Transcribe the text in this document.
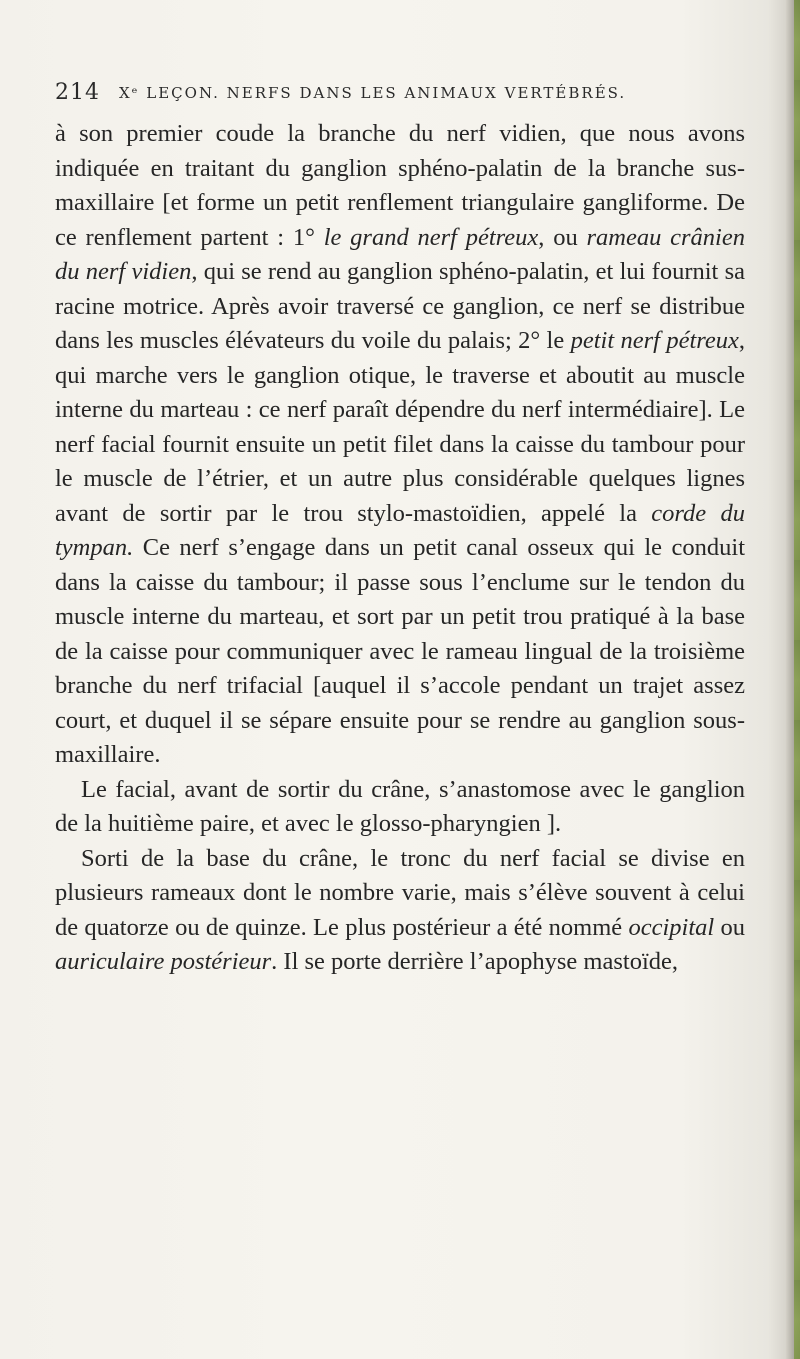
214 Xᵉ LEÇON. NERFS DANS LES ANIMAUX VERTÉBRÉS.

à son premier coude la branche du nerf vidien, que nous avons indiquée en traitant du ganglion sphéno-palatin de la branche sus-maxillaire [et forme un petit renflement triangulaire gangliforme. De ce renflement partent : 1° le grand nerf pétreux, ou rameau crânien du nerf vidien, qui se rend au ganglion sphéno-palatin, et lui fournit sa racine motrice. Après avoir traversé ce ganglion, ce nerf se distribue dans les muscles élévateurs du voile du palais; 2° le petit nerf pétreux, qui marche vers le ganglion otique, le traverse et aboutit au muscle interne du marteau : ce nerf paraît dépendre du nerf intermédiaire]. Le nerf facial fournit ensuite un petit filet dans la caisse du tambour pour le muscle de l’étrier, et un autre plus considérable quelques lignes avant de sortir par le trou stylo-mastoïdien, appelé la corde du tympan. Ce nerf s’engage dans un petit canal osseux qui le conduit dans la caisse du tambour; il passe sous l’enclume sur le tendon du muscle interne du marteau, et sort par un petit trou pratiqué à la base de la caisse pour communiquer avec le rameau lingual de la troisième branche du nerf trifacial [auquel il s’accole pendant un trajet assez court, et duquel il se sépare ensuite pour se rendre au ganglion sous-maxillaire.

Le facial, avant de sortir du crâne, s’anastomose avec le ganglion de la huitième paire, et avec le glosso-pharyngien ].

Sorti de la base du crâne, le tronc du nerf facial se divise en plusieurs rameaux dont le nombre varie, mais s’élève souvent à celui de quatorze ou de quinze. Le plus postérieur a été nommé occipital ou auriculaire postérieur. Il se porte derrière l’apophyse mastoïde,
